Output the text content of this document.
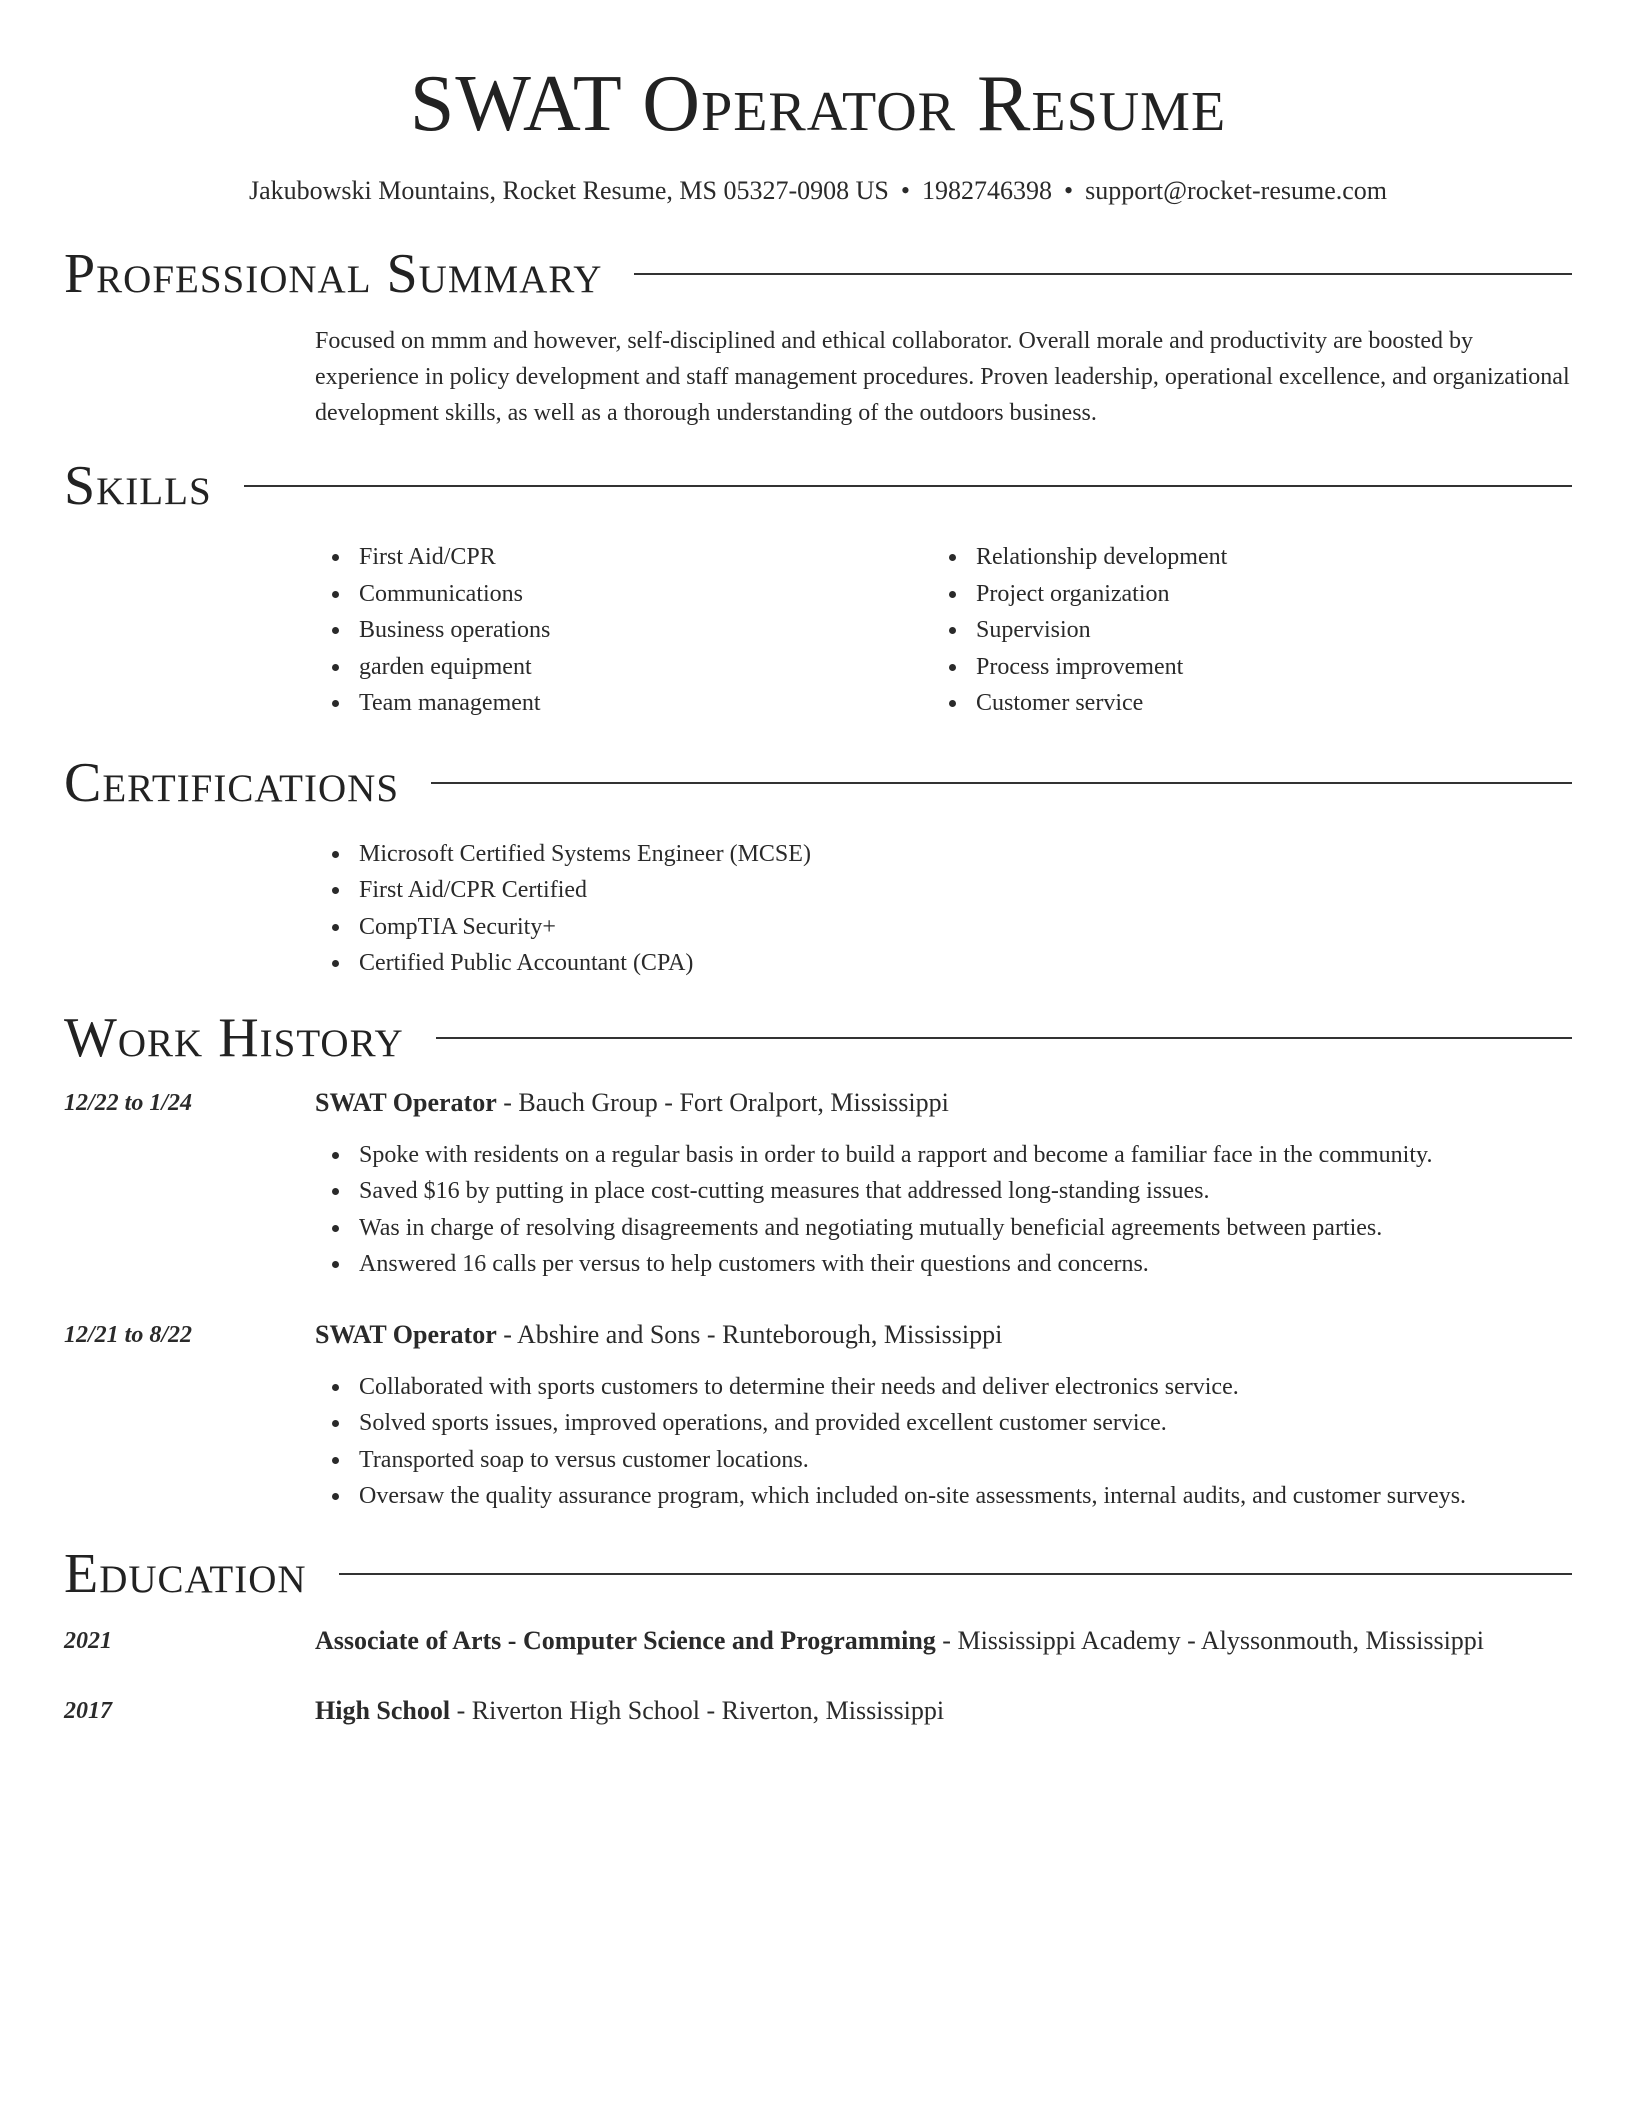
SWAT Operator Resume
Jakubowski Mountains, Rocket Resume, MS 05327-0908 US • 1982746398 • support@rocket-resume.com
Professional Summary
Focused on mmm and however, self-disciplined and ethical collaborator. Overall morale and productivity are boosted by experience in policy development and staff management procedures. Proven leadership, operational excellence, and organizational development skills, as well as a thorough understanding of the outdoors business.
Skills
First Aid/CPR
Communications
Business operations
garden equipment
Team management
Relationship development
Project organization
Supervision
Process improvement
Customer service
Certifications
Microsoft Certified Systems Engineer (MCSE)
First Aid/CPR Certified
CompTIA Security+
Certified Public Accountant (CPA)
Work History
12/22 to 1/24	SWAT Operator - Bauch Group - Fort Oralport, Mississippi
Spoke with residents on a regular basis in order to build a rapport and become a familiar face in the community.
Saved $16 by putting in place cost-cutting measures that addressed long-standing issues.
Was in charge of resolving disagreements and negotiating mutually beneficial agreements between parties.
Answered 16 calls per versus to help customers with their questions and concerns.
12/21 to 8/22	SWAT Operator - Abshire and Sons - Runteborough, Mississippi
Collaborated with sports customers to determine their needs and deliver electronics service.
Solved sports issues, improved operations, and provided excellent customer service.
Transported soap to versus customer locations.
Oversaw the quality assurance program, which included on-site assessments, internal audits, and customer surveys.
Education
2021	Associate of Arts - Computer Science and Programming - Mississippi Academy - Alyssonmouth, Mississippi
2017	High School - Riverton High School - Riverton, Mississippi
